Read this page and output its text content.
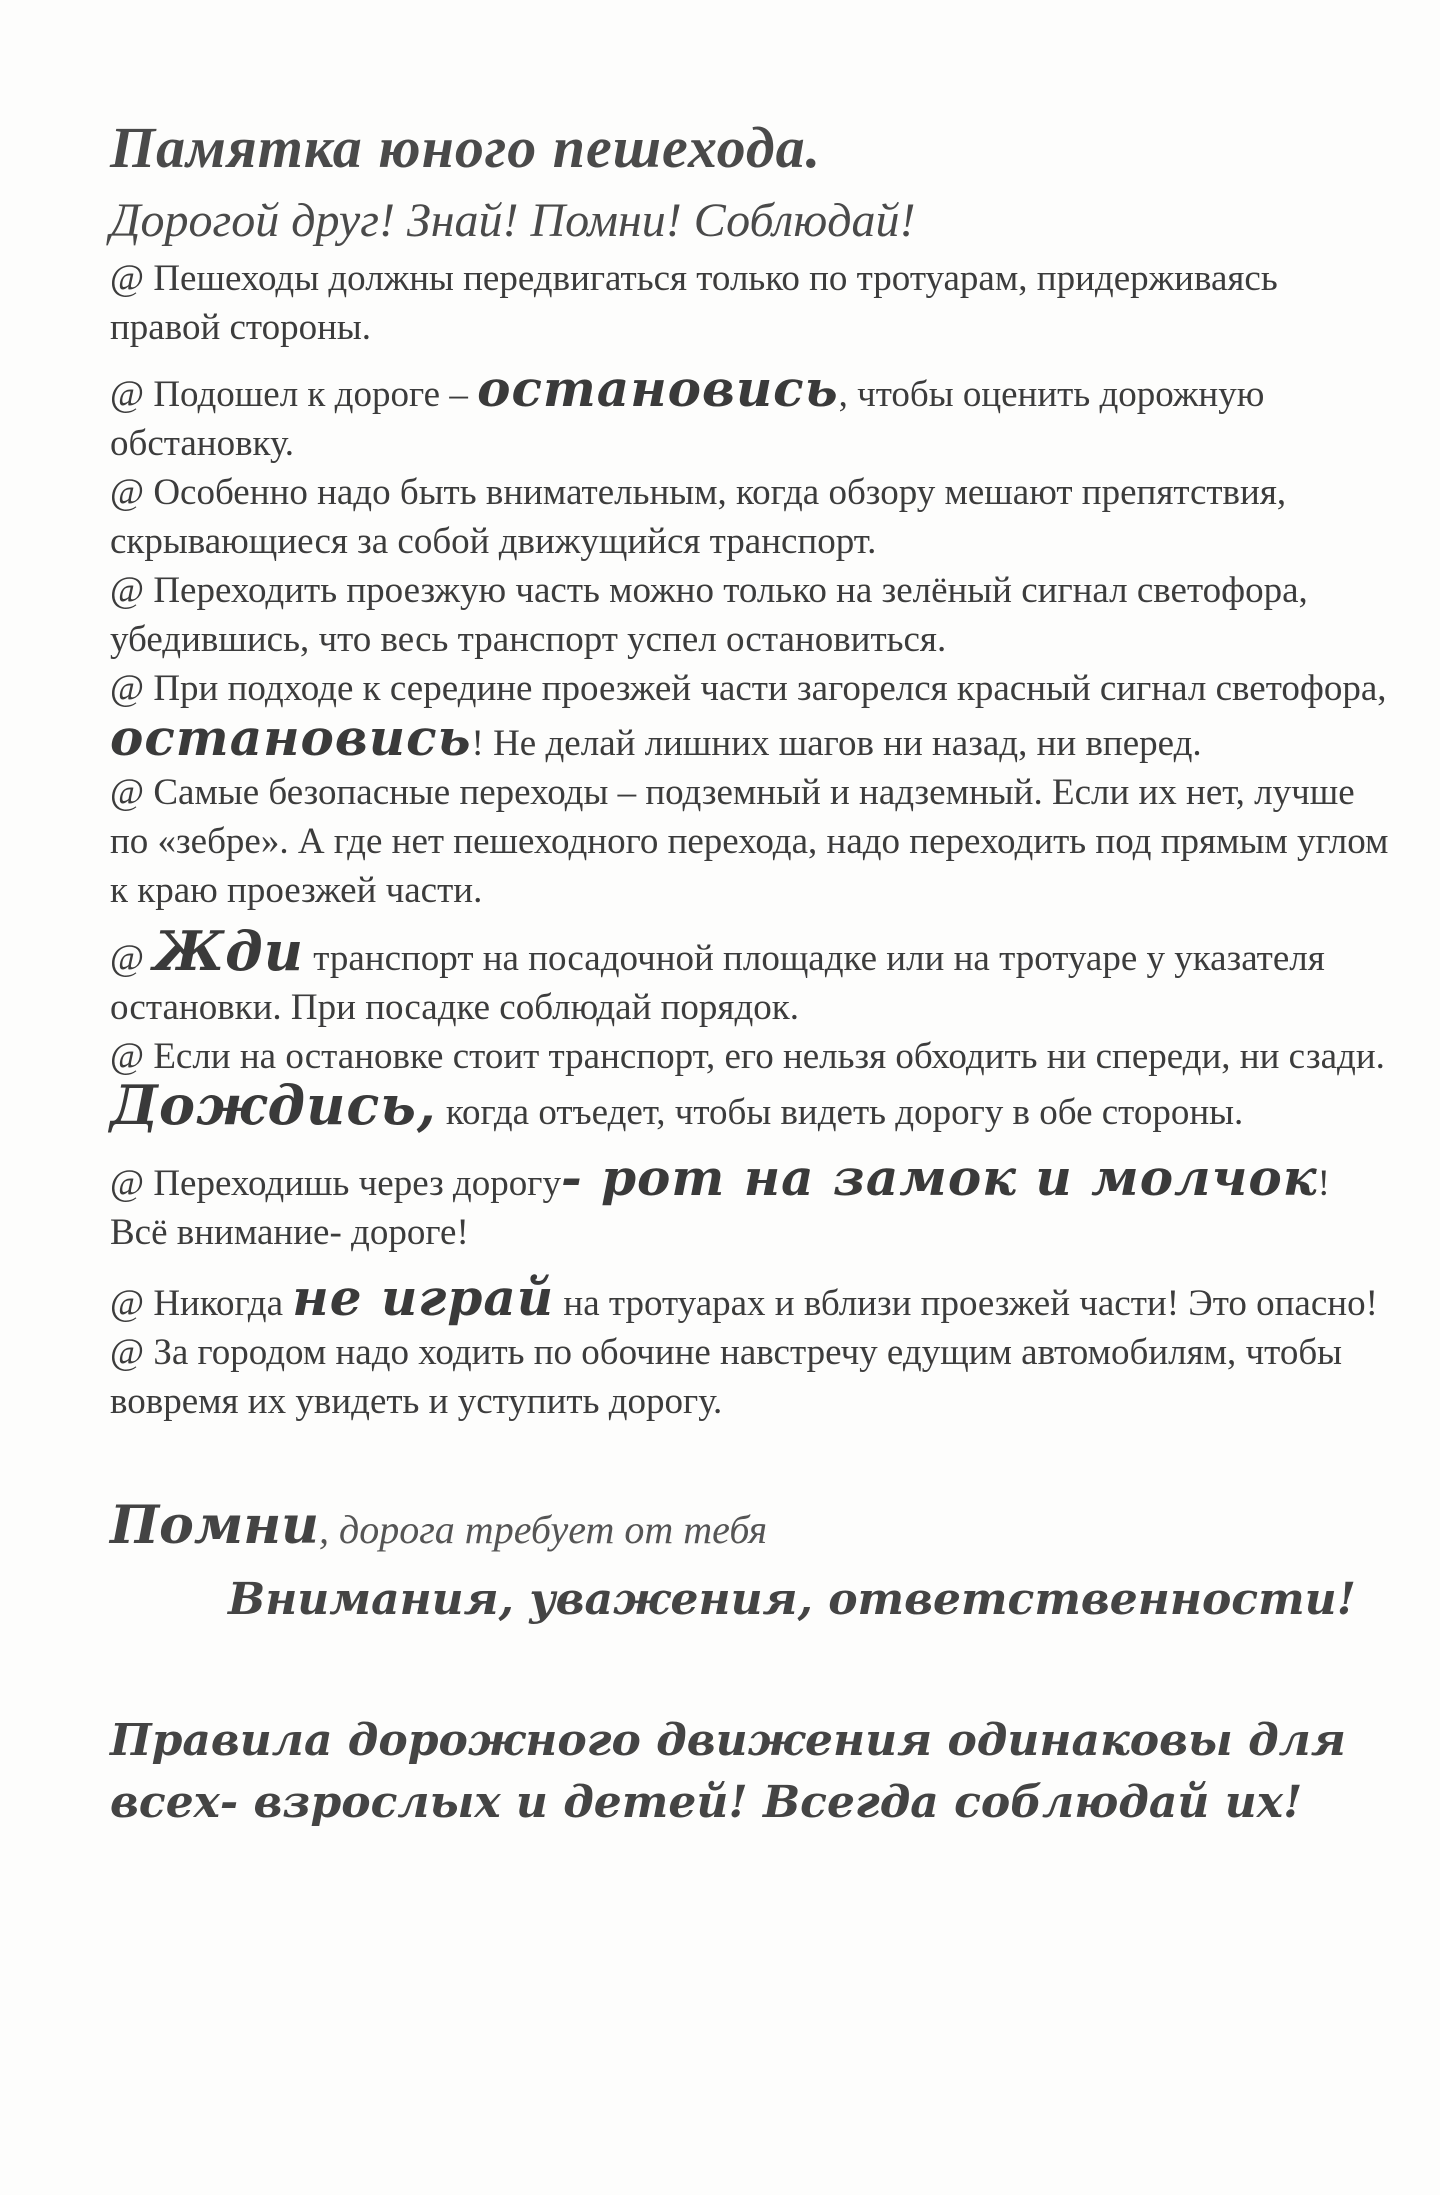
Памятка юного пешехода.

Дорогой друг! Знай! Помни! Соблюдай!

@ Пешеходы должны передвигаться только по тротуарам, придерживаясь правой стороны.

@ Подошел к дороге – остановись, чтобы оценить дорожную обстановку.

@ Особенно надо быть внимательным, когда обзору мешают препятствия, скрывающиеся за собой движущийся транспорт.

@ Переходить проезжую часть можно только на зелёный сигнал светофора, убедившись, что весь транспорт успел остановиться.

@ При подходе к середине проезжей части загорелся красный сигнал светофора, остановись! Не делай лишних шагов ни назад, ни вперед.

@ Самые безопасные переходы – подземный и надземный. Если их нет, лучше по «зебре». А где нет пешеходного перехода, надо переходить под прямым углом к краю проезжей части.

@ Жди транспорт на посадочной площадке или на тротуаре у указателя остановки. При посадке соблюдай порядок.

@ Если на остановке стоит транспорт, его нельзя обходить ни спереди, ни сзади. Дождись, когда отъедет, чтобы видеть дорогу в обе стороны.

@ Переходишь через дорогу- рот на замок и молчок! Всё внимание- дороге!

@ Никогда не играй на тротуарах и вблизи проезжей части! Это опасно!

@ За городом надо ходить по обочине навстречу едущим автомобилям, чтобы вовремя их увидеть и уступить дорогу.

Помни, дорога требует от тебя

Внимания, уважения, ответственности!

Правила дорожного движения одинаковы для всех- взрослых и детей! Всегда соблюдай их!
